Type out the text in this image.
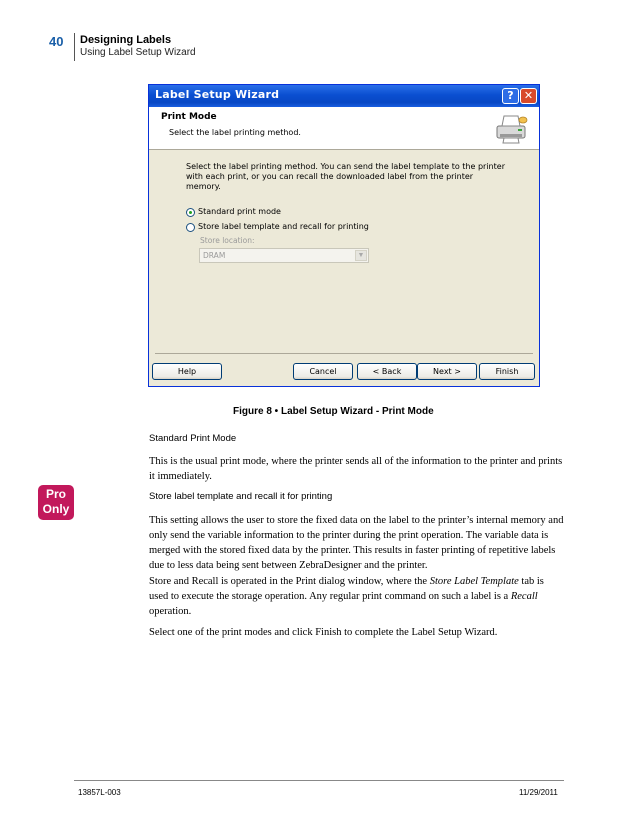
40 Designing Labels
Using Label Setup Wizard
Label Setup Wizard	? ✕
Print Mode
Select the label printing method.
Select the label printing method. You can send the label template to the printer with each print, or you can recall the downloaded label from the printer memory.
Standard print mode
Store label template and recall for printing
Store location:
DRAM	▼
Help	Cancel	< Back	Next >	Finish
Figure 8 • Label Setup Wizard - Print Mode
Standard Print Mode
This is the usual print mode, where the printer sends all of the information to the printer and prints it immediately.
Pro
Only
Store label template and recall it for printing
This setting allows the user to store the fixed data on the label to the printer’s internal memory and only send the variable information to the printer during the print operation. The variable data is merged with the stored fixed data by the printer. This results in faster printing of repetitive labels due to less data being sent between ZebraDesigner and the printer.
Store and Recall is operated in the Print dialog window, where the Store Label Template tab is used to execute the storage operation. Any regular print command on such a label is a Recall operation.
Select one of the print modes and click Finish to complete the Label Setup Wizard.
13857L-003	11/29/2011
